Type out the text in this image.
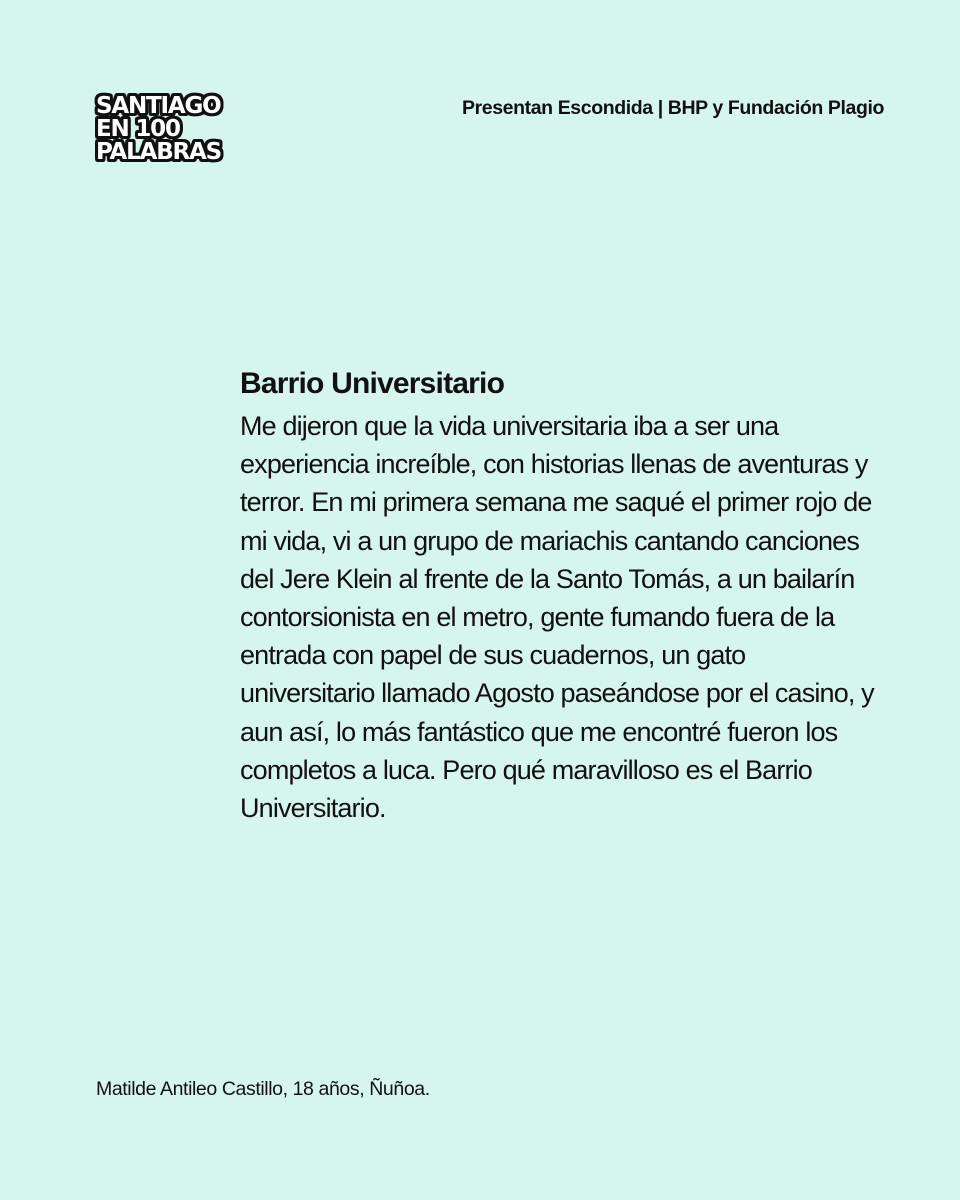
SANTIAGO
EN 100
PALABRAS
Presentan Escondida | BHP y Fundación Plagio
Barrio Universitario

Me dijeron que la vida universitaria iba a ser una experiencia increíble, con historias llenas de aventuras y terror. En mi primera semana me saqué el primer rojo de mi vida, vi a un grupo de mariachis cantando canciones del Jere Klein al frente de la Santo Tomás, a un bailarín contorsionista en el metro, gente fumando fuera de la entrada con papel de sus cuadernos, un gato universitario llamado Agosto paseándose por el casino, y aun así, lo más fantástico que me encontré fueron los completos a luca. Pero qué maravilloso es el Barrio Universitario.

Matilde Antileo Castillo, 18 años, Ñuñoa.
